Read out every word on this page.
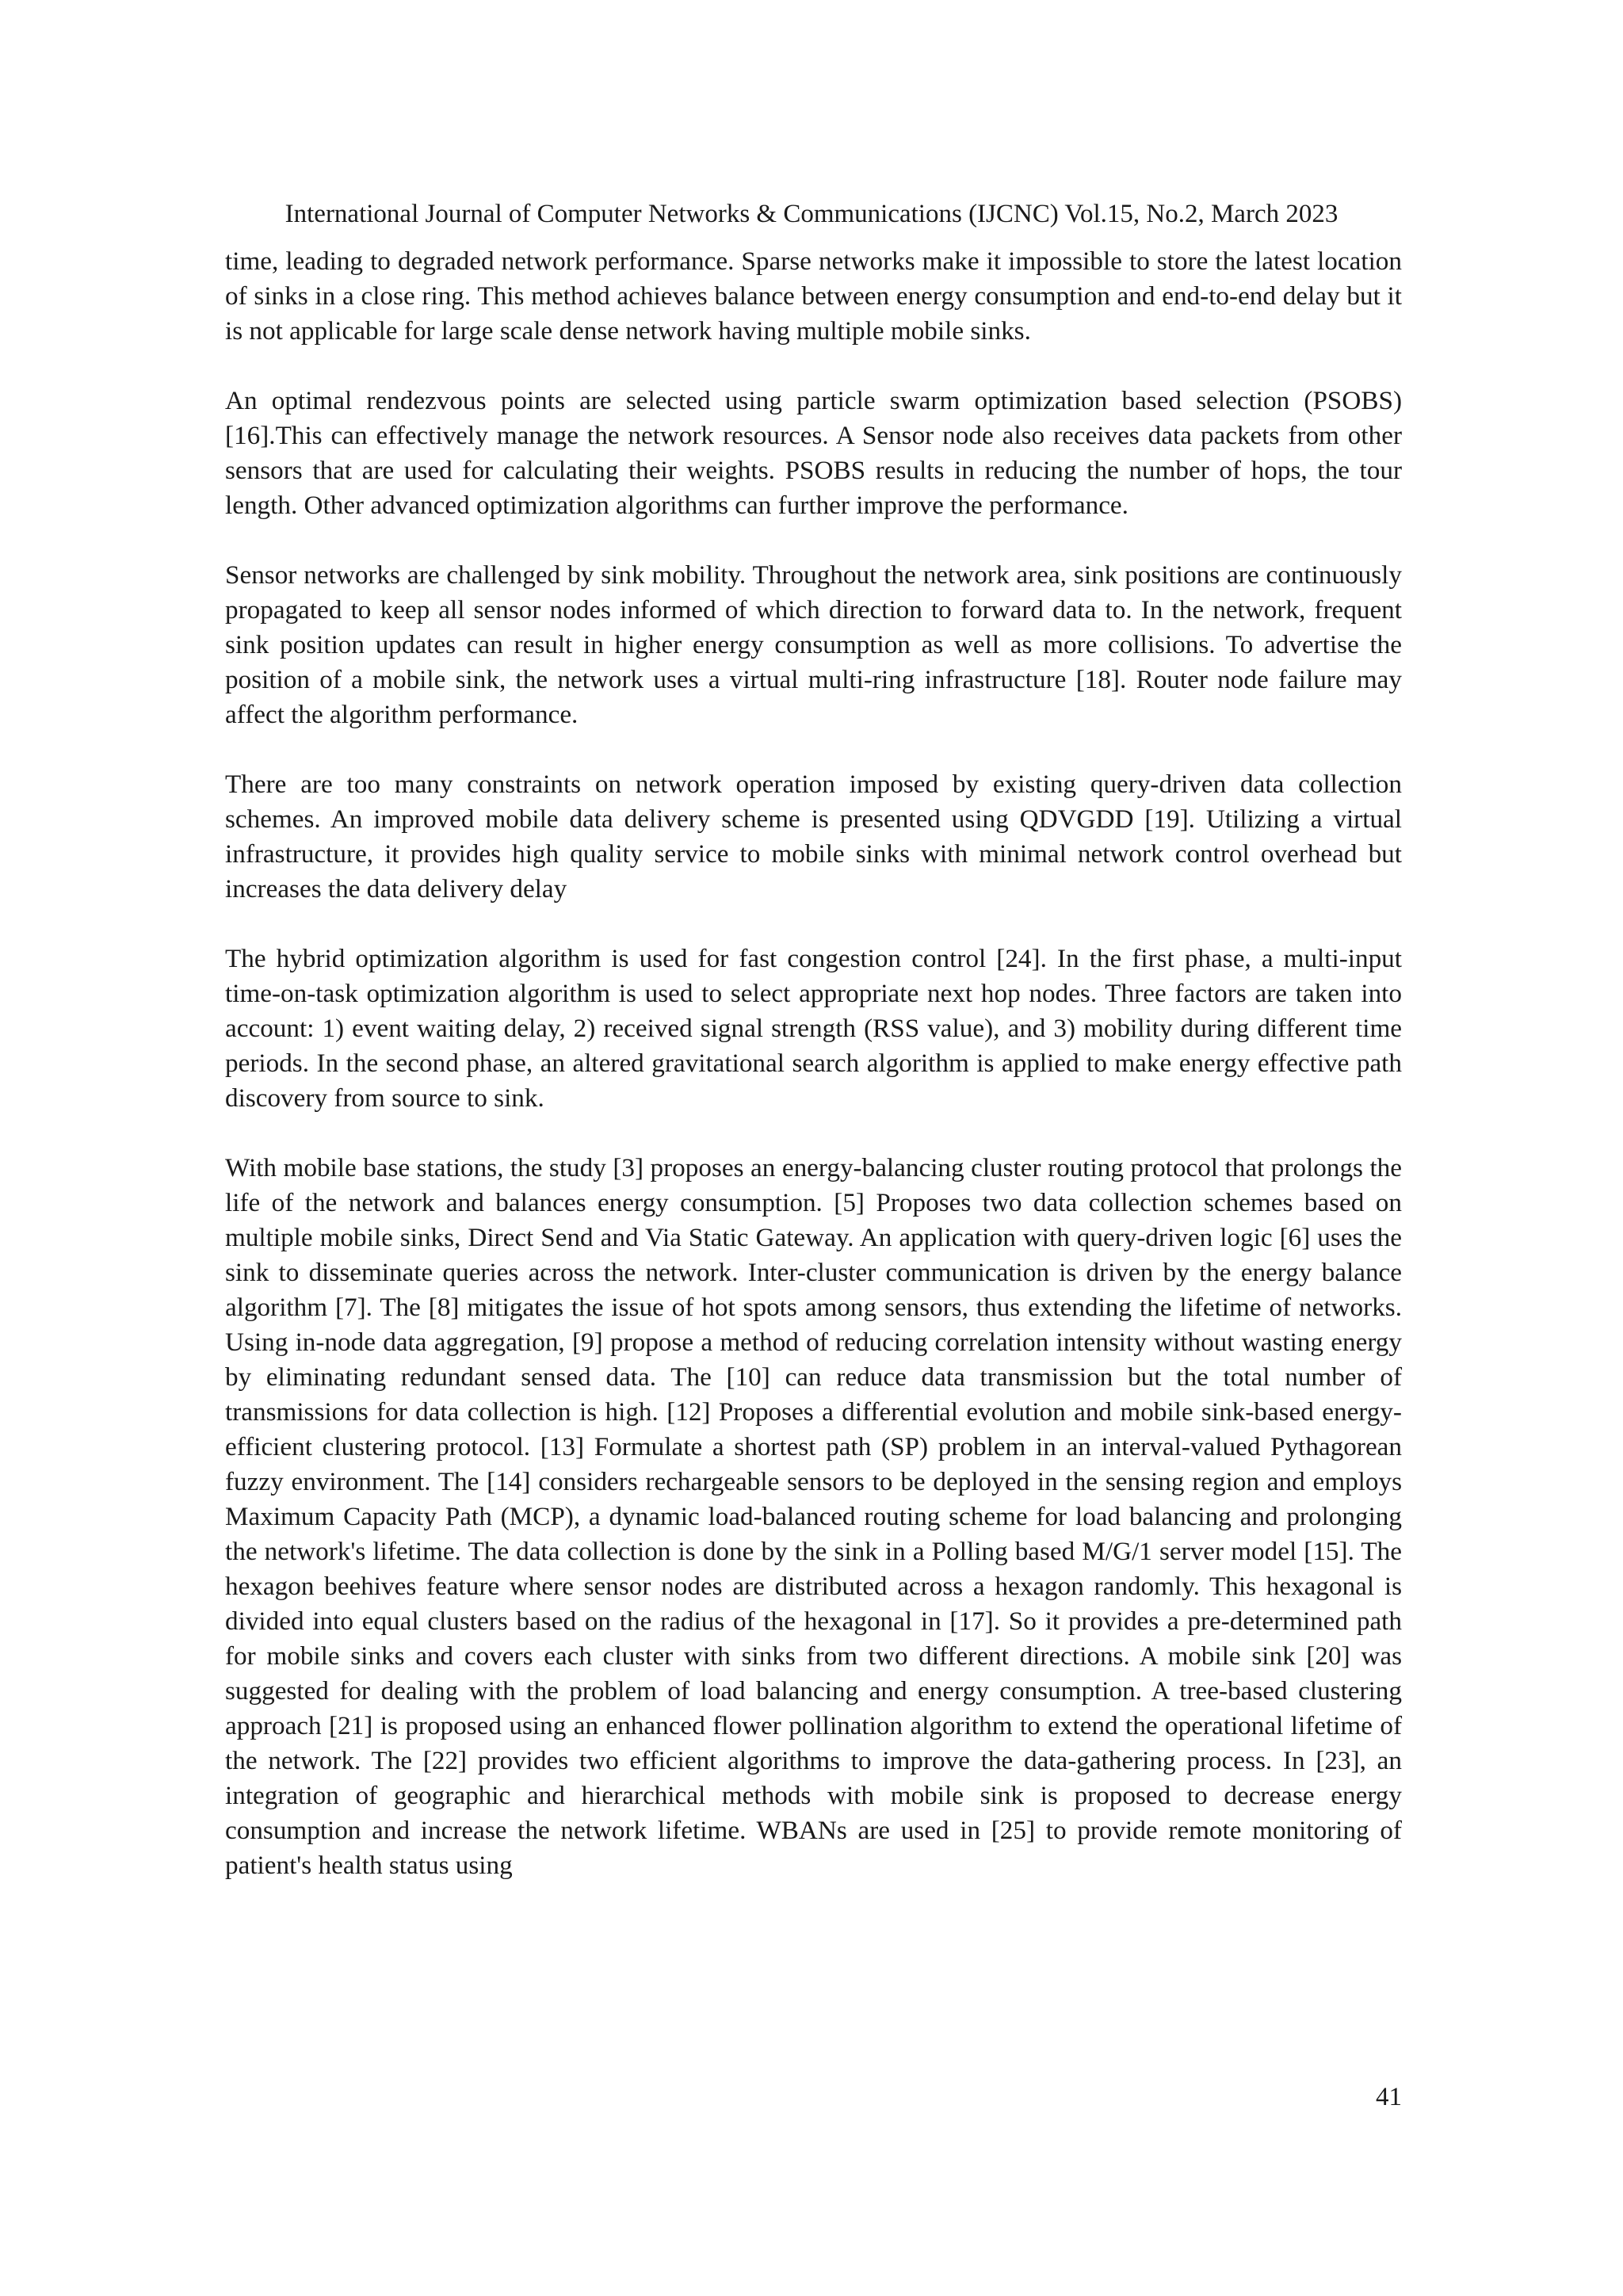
International Journal of Computer Networks & Communications (IJCNC) Vol.15, No.2, March 2023

time, leading to degraded network performance. Sparse networks make it impossible to store the latest location of sinks in a close ring. This method achieves balance between energy consumption and end-to-end delay but it is not applicable for large scale dense network having multiple mobile sinks.

An optimal rendezvous points are selected using particle swarm optimization based selection (PSOBS) [16].This can effectively manage the network resources. A Sensor node also receives data packets from other sensors that are used for calculating their weights. PSOBS results in reducing the number of hops, the tour length. Other advanced optimization algorithms can further improve the performance.

Sensor networks are challenged by sink mobility. Throughout the network area, sink positions are continuously propagated to keep all sensor nodes informed of which direction to forward data to. In the network, frequent sink position updates can result in higher energy consumption as well as more collisions. To advertise the position of a mobile sink, the network uses a virtual multi-ring infrastructure [18]. Router node failure may affect the algorithm performance.

There are too many constraints on network operation imposed by existing query-driven data collection schemes. An improved mobile data delivery scheme is presented using QDVGDD [19]. Utilizing a virtual infrastructure, it provides high quality service to mobile sinks with minimal network control overhead but increases the data delivery delay

The hybrid optimization algorithm is used for fast congestion control [24]. In the first phase, a multi-input time-on-task optimization algorithm is used to select appropriate next hop nodes. Three factors are taken into account: 1) event waiting delay, 2) received signal strength (RSS value), and 3) mobility during different time periods. In the second phase, an altered gravitational search algorithm is applied to make energy effective path discovery from source to sink.

With mobile base stations, the study [3] proposes an energy-balancing cluster routing protocol that prolongs the life of the network and balances energy consumption. [5] Proposes two data collection schemes based on multiple mobile sinks, Direct Send and Via Static Gateway. An application with query-driven logic [6] uses the sink to disseminate queries across the network. Inter-cluster communication is driven by the energy balance algorithm [7]. The [8] mitigates the issue of hot spots among sensors, thus extending the lifetime of networks. Using in-node data aggregation, [9] propose a method of reducing correlation intensity without wasting energy by eliminating redundant sensed data. The [10] can reduce data transmission but the total number of transmissions for data collection is high. [12] Proposes a differential evolution and mobile sink-based energy-efficient clustering protocol. [13] Formulate a shortest path (SP) problem in an interval-valued Pythagorean fuzzy environment. The [14] considers rechargeable sensors to be deployed in the sensing region and employs Maximum Capacity Path (MCP), a dynamic load-balanced routing scheme for load balancing and prolonging the network's lifetime. The data collection is done by the sink in a Polling based M/G/1 server model [15]. The hexagon beehives feature where sensor nodes are distributed across a hexagon randomly. This hexagonal is divided into equal clusters based on the radius of the hexagonal in [17]. So it provides a pre-determined path for mobile sinks and covers each cluster with sinks from two different directions. A mobile sink [20] was suggested for dealing with the problem of load balancing and energy consumption. A tree-based clustering approach [21] is proposed using an enhanced flower pollination algorithm to extend the operational lifetime of the network. The [22] provides two efficient algorithms to improve the data-gathering process. In [23], an integration of geographic and hierarchical methods with mobile sink is proposed to decrease energy consumption and increase the network lifetime. WBANs are used in [25] to provide remote monitoring of patient's health status using

41
